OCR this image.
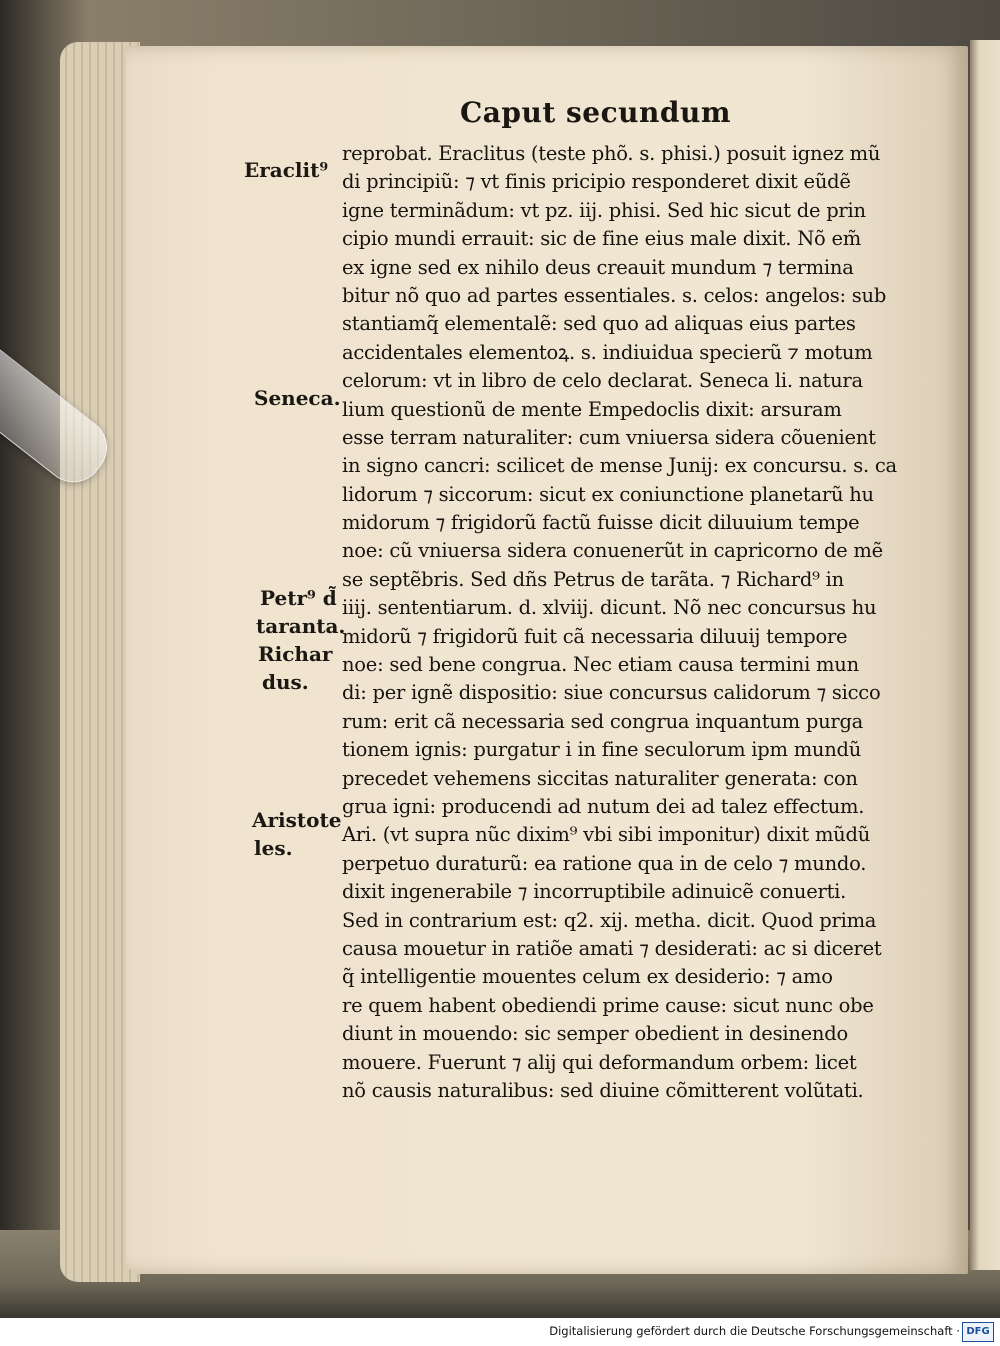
Caput secundum
Eraclit⁹
Seneca.
Petr⁹ d̃
taranta.
Richar
dus.
Aristote
les.
reprobat. Eraclitus (teste phõ. s. phisi.) posuit ignez mũ
di principiũ: ⁊ vt finis pricipio responderet dixit eũdẽ
igne terminãdum: vt pz. iij. phisi. Sed hic sicut de prin
cipio mundi errauit: sic de fine eius male dixit. Nõ em̃
ex igne sed ex nihilo deus creauit mundum ⁊ termina
bitur nõ quo ad partes essentiales. s. celos: angelos: sub
stantiamq̃ elementalẽ: sed quo ad aliquas eius partes
accidentales elementoꝝ. s. indiuidua specierũ ⁊ motum
celorum: vt in libro de celo declarat. Seneca li. natura
lium questionũ de mente Empedoclis dixit: arsuram
esse terram naturaliter: cum vniuersa sidera cõuenient
in signo cancri: scilicet de mense Junij: ex concursu. s. ca
lidorum ⁊ siccorum: sicut ex coniunctione planetarũ hu
midorum ⁊ frigidorũ factũ fuisse dicit diluuium tempe
noe: cũ vniuersa sidera conuenerũt in capricorno de mẽ
se septẽbris. Sed dñs Petrus de tarãta. ⁊ Richard⁹ in
iiij. sententiarum. d. xlviij. dicunt. Nõ nec concursus hu
midorũ ⁊ frigidorũ fuit cã necessaria diluuij tempore
noe: sed bene congrua. Nec etiam causa termini mun
di: per ignẽ dispositio: siue concursus calidorum ⁊ sicco
rum: erit cã necessaria sed congrua inquantum purga
tionem ignis: purgatur i in fine seculorum ipm mundũ
precedet vehemens siccitas naturaliter generata: con
grua igni: producendi ad nutum dei ad talez effectum.
Ari. (vt supra nũc dixim⁹ vbi sibi imponitur) dixit mũdũ
perpetuo duraturũ: ea ratione qua in de celo ⁊ mundo.
dixit ingenerabile ⁊ incorruptibile adinuicẽ conuerti.
Sed in contrarium est: q2. xij. metha. dicit. Quod prima
causa mouetur in ratiõe amati ⁊ desiderati: ac si diceret
q̃ intelligentie mouentes celum ex desiderio: ⁊ amo
re quem habent obediendi prime cause: sicut nunc obe
diunt in mouendo: sic semper obedient in desinendo
mouere. Fuerunt ⁊ alij qui deformandum orbem: licet
nõ causis naturalibus: sed diuine cõmitterent volũtati.
Digitalisierung gefördert durch die Deutsche Forschungsgemeinschaft · DFG
